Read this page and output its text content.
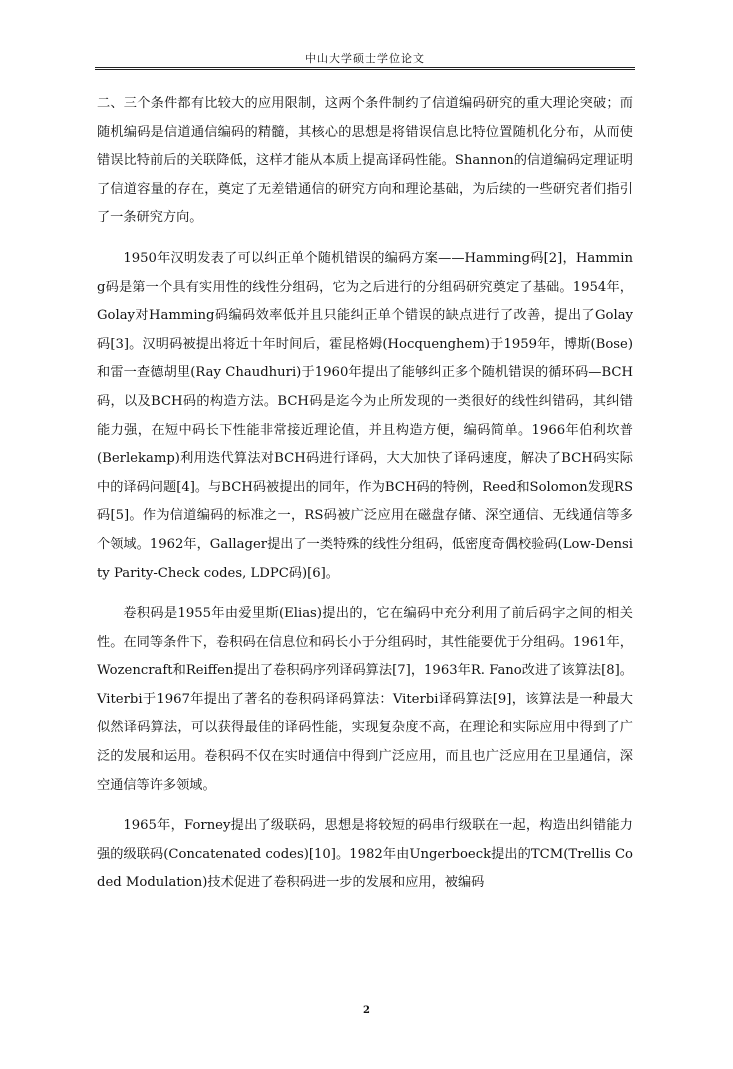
中山大学硕士学位论文

二、三个条件都有比较大的应用限制，这两个条件制约了信道编码研究的重大理论突破；而随机编码是信道通信编码的精髓，其核心的思想是将错误信息比特位置随机化分布，从而使错误比特前后的关联降低，这样才能从本质上提高译码性能。Shannon的信道编码定理证明了信道容量的存在，奠定了无差错通信的研究方向和理论基础，为后续的一些研究者们指引了一条研究方向。

1950年汉明发表了可以纠正单个随机错误的编码方案——Hamming码[2]，Hamming码是第一个具有实用性的线性分组码，它为之后进行的分组码研究奠定了基础。1954年，Golay对Hamming码编码效率低并且只能纠正单个错误的缺点进行了改善，提出了Golay码[3]。汉明码被提出将近十年时间后，霍昆格姆(Hocquenghem)于1959年，博斯(Bose)和雷一查德胡里(Ray Chaudhuri)于1960年提出了能够纠正多个随机错误的循环码—BCH码，以及BCH码的构造方法。BCH码是迄今为止所发现的一类很好的线性纠错码，其纠错能力强，在短中码长下性能非常接近理论值，并且构造方便，编码简单。1966年伯利坎普(Berlekamp)利用迭代算法对BCH码进行译码，大大加快了译码速度，解决了BCH码实际中的译码问题[4]。与BCH码被提出的同年，作为BCH码的特例，Reed和Solomon发现RS码[5]。作为信道编码的标准之一，RS码被广泛应用在磁盘存储、深空通信、无线通信等多个领域。1962年，Gallager提出了一类特殊的线性分组码，低密度奇偶校验码(Low-Density Parity-Check codes, LDPC码)[6]。

卷积码是1955年由爱里斯(Elias)提出的，它在编码中充分利用了前后码字之间的相关性。在同等条件下，卷积码在信息位和码长小于分组码时，其性能要优于分组码。1961年，Wozencraft和Reiffen提出了卷积码序列译码算法[7]，1963年R. Fano改进了该算法[8]。Viterbi于1967年提出了著名的卷积码译码算法：Viterbi译码算法[9]，该算法是一种最大似然译码算法，可以获得最佳的译码性能，实现复杂度不高，在理论和实际应用中得到了广泛的发展和运用。卷积码不仅在实时通信中得到广泛应用，而且也广泛应用在卫星通信，深空通信等许多领域。

1965年，Forney提出了级联码，思想是将较短的码串行级联在一起，构造出纠错能力强的级联码(Concatenated codes)[10]。1982年由Ungerboeck提出的TCM(Trellis Coded Modulation)技术促进了卷积码进一步的发展和应用，被编码

2
